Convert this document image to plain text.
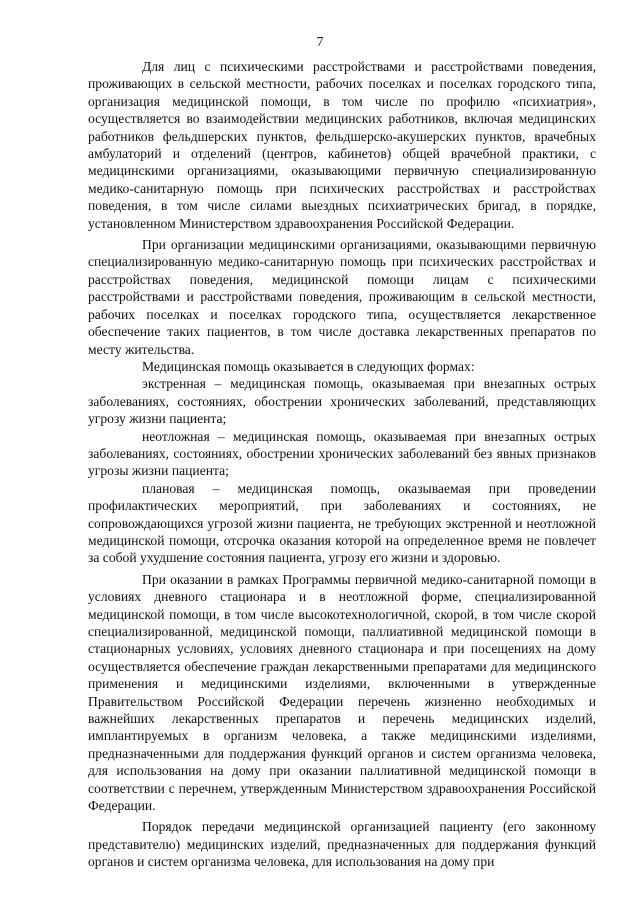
7

Для лиц с психическими расстройствами и расстройствами поведения, проживающих в сельской местности, рабочих поселках и поселках городского типа, организация медицинской помощи, в том числе по профилю «психиатрия», осуществляется во взаимодействии медицинских работников, включая медицинских работников фельдшерских пунктов, фельдшерско-акушерских пунктов, врачебных амбулаторий и отделений (центров, кабинетов) общей врачебной практики, с медицинскими организациями, оказывающими первичную специализированную медико-санитарную помощь при психических расстройствах и расстройствах поведения, в том числе силами выездных психиатрических бригад, в порядке, установленном Министерством здравоохранения Российской Федерации.

При организации медицинскими организациями, оказывающими первичную специализированную медико-санитарную помощь при психических расстройствах и расстройствах поведения, медицинской помощи лицам с психическими расстройствами и расстройствами поведения, проживающим в сельской местности, рабочих поселках и поселках городского типа, осуществляется лекарственное обеспечение таких пациентов, в том числе доставка лекарственных препаратов по месту жительства.

Медицинская помощь оказывается в следующих формах:

экстренная – медицинская помощь, оказываемая при внезапных острых заболеваниях, состояниях, обострении хронических заболеваний, представляющих угрозу жизни пациента;

неотложная – медицинская помощь, оказываемая при внезапных острых заболеваниях, состояниях, обострении хронических заболеваний без явных признаков угрозы жизни пациента;

плановая – медицинская помощь, оказываемая при проведении профилактических мероприятий, при заболеваниях и состояниях, не сопровождающихся угрозой жизни пациента, не требующих экстренной и неотложной медицинской помощи, отсрочка оказания которой на определенное время не повлечет за собой ухудшение состояния пациента, угрозу его жизни и здоровью.

При оказании в рамках Программы первичной медико-санитарной помощи в условиях дневного стационара и в неотложной форме, специализированной медицинской помощи, в том числе высокотехнологичной, скорой, в том числе скорой специализированной, медицинской помощи, паллиативной медицинской помощи в стационарных условиях, условиях дневного стационара и при посещениях на дому осуществляется обеспечение граждан лекарственными препаратами для медицинского применения и медицинскими изделиями, включенными в утвержденные Правительством Российской Федерации перечень жизненно необходимых и важнейших лекарственных препаратов и перечень медицинских изделий, имплантируемых в организм человека, а также медицинскими изделиями, предназначенными для поддержания функций органов и систем организма человека, для использования на дому при оказании паллиативной медицинской помощи в соответствии с перечнем, утвержденным Министерством здравоохранения Российской Федерации.

Порядок передачи медицинской организацией пациенту (его законному представителю) медицинских изделий, предназначенных для поддержания функций органов и систем организма человека, для использования на дому при
